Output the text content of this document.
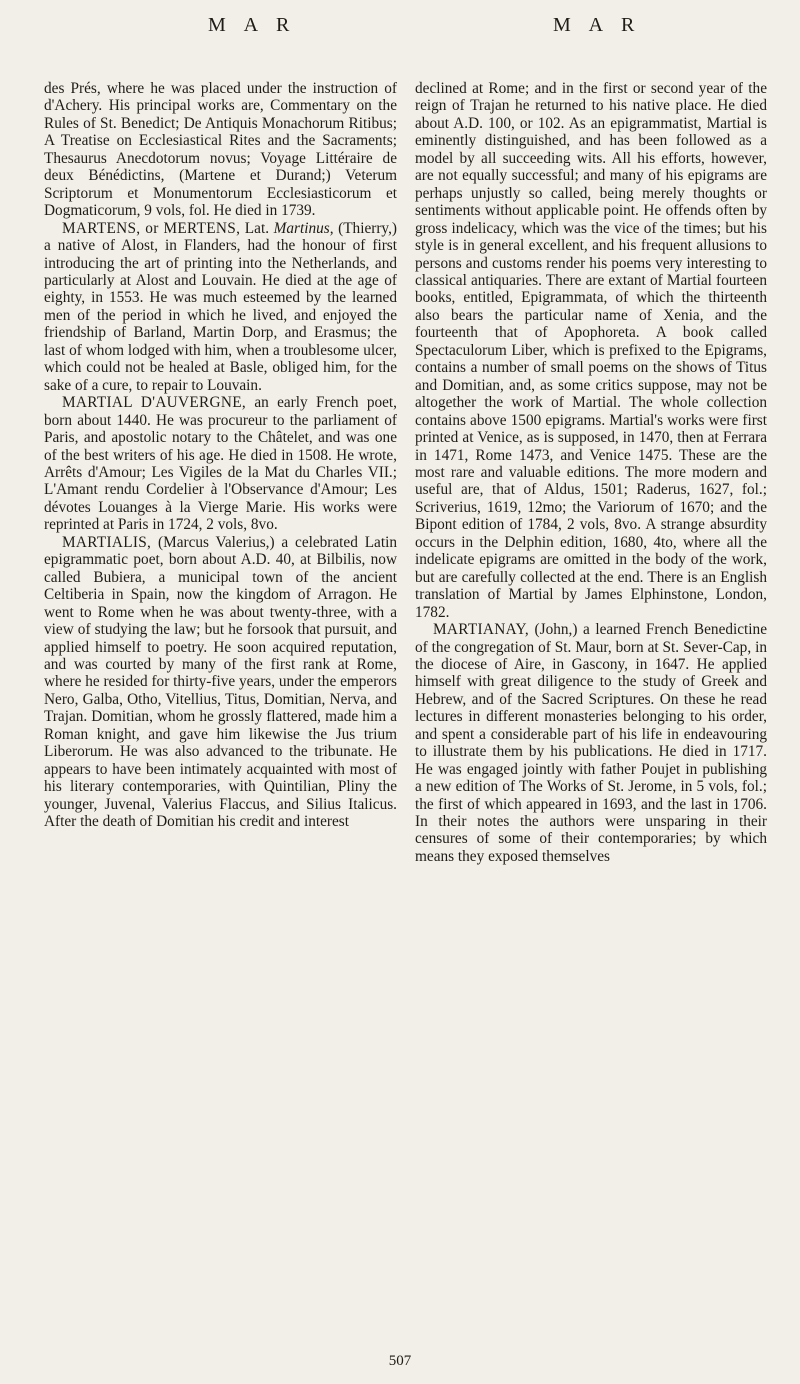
M A R	M A R

des Prés, where he was placed under the instruction of d'Achery. His principal works are, Commentary on the Rules of St. Benedict; De Antiquis Monachorum Ritibus; A Treatise on Ecclesiastical Rites and the Sacraments; Thesaurus Anecdotorum novus; Voyage Littéraire de deux Bénédictins, (Martene et Durand;) Veterum Scriptorum et Monumentorum Ecclesiasticorum et Dogmaticorum, 9 vols, fol. He died in 1739.

MARTENS, or MERTENS, Lat. Martinus, (Thierry,) a native of Alost, in Flanders, had the honour of first introducing the art of printing into the Netherlands, and particularly at Alost and Louvain. He died at the age of eighty, in 1553. He was much esteemed by the learned men of the period in which he lived, and enjoyed the friendship of Barland, Martin Dorp, and Erasmus; the last of whom lodged with him, when a troublesome ulcer, which could not be healed at Basle, obliged him, for the sake of a cure, to repair to Louvain.

MARTIAL D'AUVERGNE, an early French poet, born about 1440. He was procureur to the parliament of Paris, and apostolic notary to the Châtelet, and was one of the best writers of his age. He died in 1508. He wrote, Arrêts d'Amour; Les Vigiles de la Mat du Charles VII.; L'Amant rendu Cordelier à l'Observance d'Amour; Les dévotes Louanges à la Vierge Marie. His works were reprinted at Paris in 1724, 2 vols, 8vo.

MARTIALIS, (Marcus Valerius,) a celebrated Latin epigrammatic poet, born about A.D. 40, at Bilbilis, now called Bubiera, a municipal town of the ancient Celtiberia in Spain, now the kingdom of Arragon. He went to Rome when he was about twenty-three, with a view of studying the law; but he forsook that pursuit, and applied himself to poetry. He soon acquired reputation, and was courted by many of the first rank at Rome, where he resided for thirty-five years, under the emperors Nero, Galba, Otho, Vitellius, Titus, Domitian, Nerva, and Trajan. Domitian, whom he grossly flattered, made him a Roman knight, and gave him likewise the Jus trium Liberorum. He was also advanced to the tribunate. He appears to have been intimately acquainted with most of his literary contemporaries, with Quintilian, Pliny the younger, Juvenal, Valerius Flaccus, and Silius Italicus. After the death of Domitian his credit and interest

declined at Rome; and in the first or second year of the reign of Trajan he returned to his native place. He died about A.D. 100, or 102. As an epigrammatist, Martial is eminently distinguished, and has been followed as a model by all succeeding wits. All his efforts, however, are not equally successful; and many of his epigrams are perhaps unjustly so called, being merely thoughts or sentiments without applicable point. He offends often by gross indelicacy, which was the vice of the times; but his style is in general excellent, and his frequent allusions to persons and customs render his poems very interesting to classical antiquaries. There are extant of Martial fourteen books, entitled, Epigrammata, of which the thirteenth also bears the particular name of Xenia, and the fourteenth that of Apophoreta. A book called Spectaculorum Liber, which is prefixed to the Epigrams, contains a number of small poems on the shows of Titus and Domitian, and, as some critics suppose, may not be altogether the work of Martial. The whole collection contains above 1500 epigrams. Martial's works were first printed at Venice, as is supposed, in 1470, then at Ferrara in 1471, Rome 1473, and Venice 1475. These are the most rare and valuable editions. The more modern and useful are, that of Aldus, 1501; Raderus, 1627, fol.; Scriverius, 1619, 12mo; the Variorum of 1670; and the Bipont edition of 1784, 2 vols, 8vo. A strange absurdity occurs in the Delphin edition, 1680, 4to, where all the indelicate epigrams are omitted in the body of the work, but are carefully collected at the end. There is an English translation of Martial by James Elphinstone, London, 1782.

MARTIANAY, (John,) a learned French Benedictine of the congregation of St. Maur, born at St. Sever-Cap, in the diocese of Aire, in Gascony, in 1647. He applied himself with great diligence to the study of Greek and Hebrew, and of the Sacred Scriptures. On these he read lectures in different monasteries belonging to his order, and spent a considerable part of his life in endeavouring to illustrate them by his publications. He died in 1717. He was engaged jointly with father Poujet in publishing a new edition of The Works of St. Jerome, in 5 vols, fol.; the first of which appeared in 1693, and the last in 1706. In their notes the authors were unsparing in their censures of some of their contemporaries; by which means they exposed themselves

507
